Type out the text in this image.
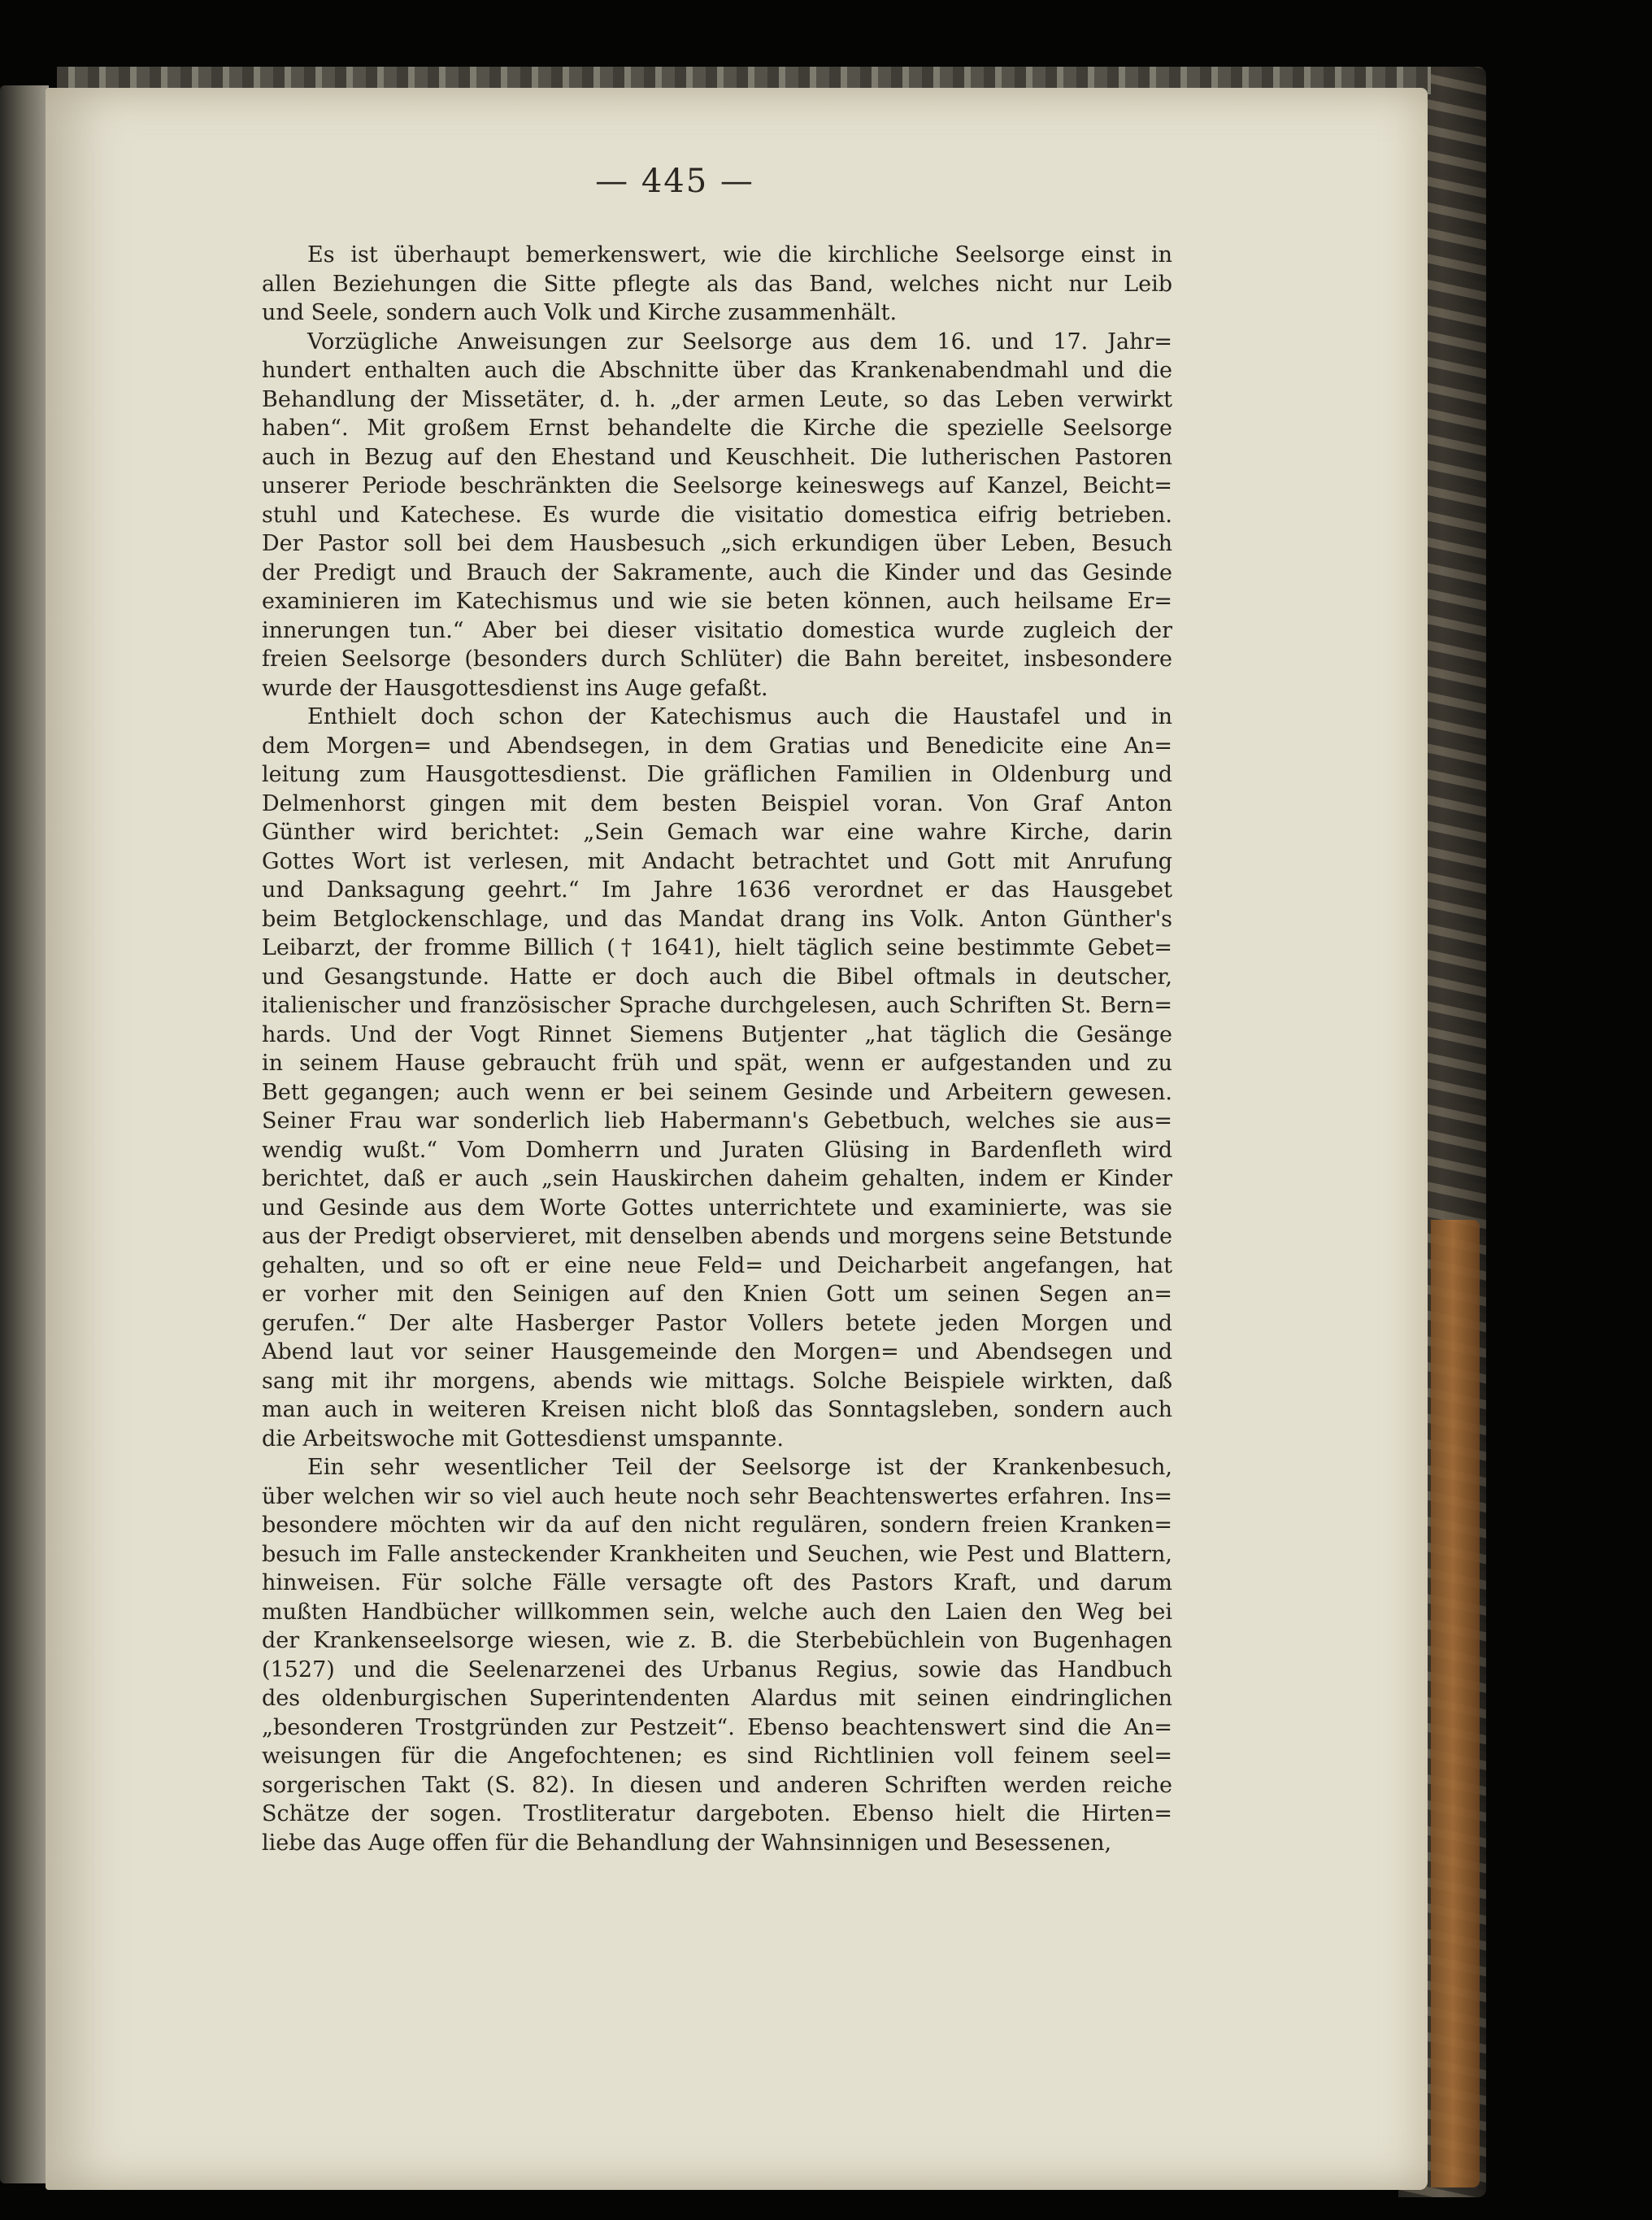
— 445 —
Es ist überhaupt bemerkenswert, wie die kirchliche Seelsorge einst in
allen Beziehungen die Sitte pflegte als das Band, welches nicht nur Leib
und Seele, sondern auch Volk und Kirche zusammenhält.
Vorzügliche Anweisungen zur Seelsorge aus dem 16. und 17. Jahr=
hundert enthalten auch die Abschnitte über das Krankenabendmahl und die
Behandlung der Missetäter, d. h. „der armen Leute, so das Leben verwirkt
haben“. Mit großem Ernst behandelte die Kirche die spezielle Seelsorge
auch in Bezug auf den Ehestand und Keuschheit. Die lutherischen Pastoren
unserer Periode beschränkten die Seelsorge keineswegs auf Kanzel, Beicht=
stuhl und Katechese. Es wurde die visitatio domestica eifrig betrieben.
Der Pastor soll bei dem Hausbesuch „sich erkundigen über Leben, Besuch
der Predigt und Brauch der Sakramente, auch die Kinder und das Gesinde
examinieren im Katechismus und wie sie beten können, auch heilsame Er=
innerungen tun.“ Aber bei dieser visitatio domestica wurde zugleich der
freien Seelsorge (besonders durch Schlüter) die Bahn bereitet, insbesondere
wurde der Hausgottesdienst ins Auge gefaßt.
Enthielt doch schon der Katechismus auch die Haustafel und in
dem Morgen= und Abendsegen, in dem Gratias und Benedicite eine An=
leitung zum Hausgottesdienst. Die gräflichen Familien in Oldenburg und
Delmenhorst gingen mit dem besten Beispiel voran. Von Graf Anton
Günther wird berichtet: „Sein Gemach war eine wahre Kirche, darin
Gottes Wort ist verlesen, mit Andacht betrachtet und Gott mit Anrufung
und Danksagung geehrt.“ Im Jahre 1636 verordnet er das Hausgebet
beim Betglockenschlage, und das Mandat drang ins Volk. Anton Günther's
Leibarzt, der fromme Billich († 1641), hielt täglich seine bestimmte Gebet=
und Gesangstunde. Hatte er doch auch die Bibel oftmals in deutscher,
italienischer und französischer Sprache durchgelesen, auch Schriften St. Bern=
hards. Und der Vogt Rinnet Siemens Butjenter „hat täglich die Gesänge
in seinem Hause gebraucht früh und spät, wenn er aufgestanden und zu
Bett gegangen; auch wenn er bei seinem Gesinde und Arbeitern gewesen.
Seiner Frau war sonderlich lieb Habermann's Gebetbuch, welches sie aus=
wendig wußt.“ Vom Domherrn und Juraten Glüsing in Bardenfleth wird
berichtet, daß er auch „sein Hauskirchen daheim gehalten, indem er Kinder
und Gesinde aus dem Worte Gottes unterrichtete und examinierte, was sie
aus der Predigt observieret, mit denselben abends und morgens seine Betstunde
gehalten, und so oft er eine neue Feld= und Deicharbeit angefangen, hat
er vorher mit den Seinigen auf den Knien Gott um seinen Segen an=
gerufen.“ Der alte Hasberger Pastor Vollers betete jeden Morgen und
Abend laut vor seiner Hausgemeinde den Morgen= und Abendsegen und
sang mit ihr morgens, abends wie mittags. Solche Beispiele wirkten, daß
man auch in weiteren Kreisen nicht bloß das Sonntagsleben, sondern auch
die Arbeitswoche mit Gottesdienst umspannte.
Ein sehr wesentlicher Teil der Seelsorge ist der Krankenbesuch,
über welchen wir so viel auch heute noch sehr Beachtenswertes erfahren. Ins=
besondere möchten wir da auf den nicht regulären, sondern freien Kranken=
besuch im Falle ansteckender Krankheiten und Seuchen, wie Pest und Blattern,
hinweisen. Für solche Fälle versagte oft des Pastors Kraft, und darum
mußten Handbücher willkommen sein, welche auch den Laien den Weg bei
der Krankenseelsorge wiesen, wie z. B. die Sterbebüchlein von Bugenhagen
(1527) und die Seelenarzenei des Urbanus Regius, sowie das Handbuch
des oldenburgischen Superintendenten Alardus mit seinen eindringlichen
„besonderen Trostgründen zur Pestzeit“. Ebenso beachtenswert sind die An=
weisungen für die Angefochtenen; es sind Richtlinien voll feinem seel=
sorgerischen Takt (S. 82). In diesen und anderen Schriften werden reiche
Schätze der sogen. Trostliteratur dargeboten. Ebenso hielt die Hirten=
liebe das Auge offen für die Behandlung der Wahnsinnigen und Besessenen,
